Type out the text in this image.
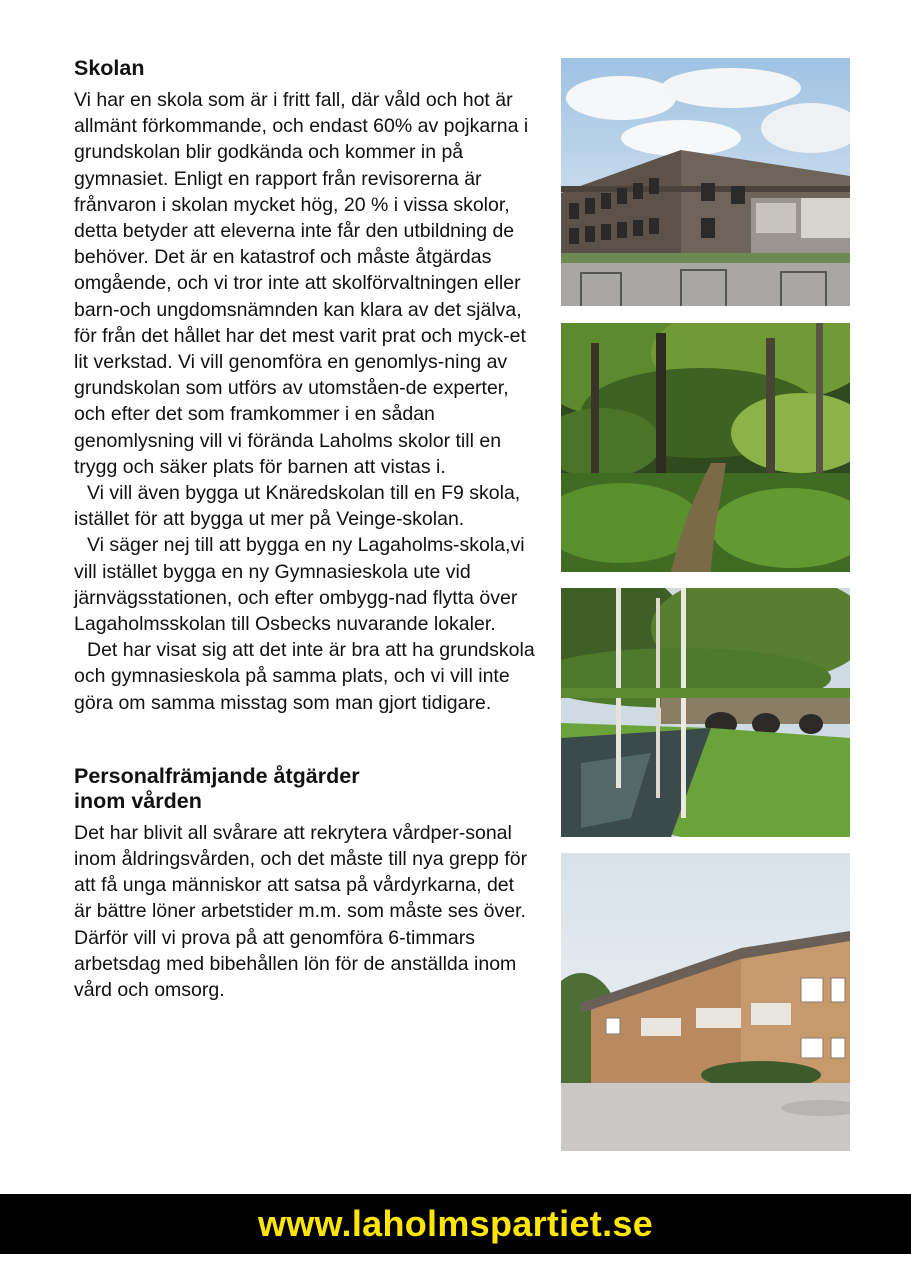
Skolan

Vi har en skola som är i fritt fall, där våld och hot är allmänt förkommande, och endast 60% av pojkarna i grundskolan blir godkända och kommer in på gymnasiet. Enligt en rapport från revisorerna är frånvaron i skolan mycket hög, 20 % i vissa skolor, detta betyder att eleverna inte får den utbildning de behöver. Det är en katastrof och måste åtgärdas omgående, och vi tror inte att skolförvaltningen eller barn-och ungdomsnämnden kan klara av det själva, för från det hållet har det mest varit prat och myck-et lit verkstad. Vi vill genomföra en genomlys-ning av grundskolan som utförs av utomståen-de experter, och efter det som framkommer i en sådan genomlysning vill vi förända Laholms skolor till en trygg och säker plats för barnen att vistas i.

Vi vill även bygga ut Knäredskolan till en F9 skola, istället för att bygga ut mer på Veinge-skolan.

Vi säger nej till att bygga en ny Lagaholms-skola,vi vill istället bygga en ny Gymnasieskola ute vid järnvägsstationen, och efter ombygg-nad flytta över Lagaholmsskolan till Osbecks nuvarande lokaler.

Det har visat sig att det inte är bra att ha grundskola och gymnasieskola på samma plats, och vi vill inte göra om samma misstag som man gjort tidigare.

Personalfrämjande åtgärder
inom vården

Det har blivit all svårare att rekrytera vårdper-sonal inom åldringsvården, och det måste till nya grepp för att få unga människor att satsa på vårdyrkarna, det är bättre löner arbetstider m.m. som måste ses över. Därför vill vi prova på att genomföra 6-timmars arbetsdag med bibehållen lön för de anställda inom vård och omsorg.

www.laholmspartiet.se
